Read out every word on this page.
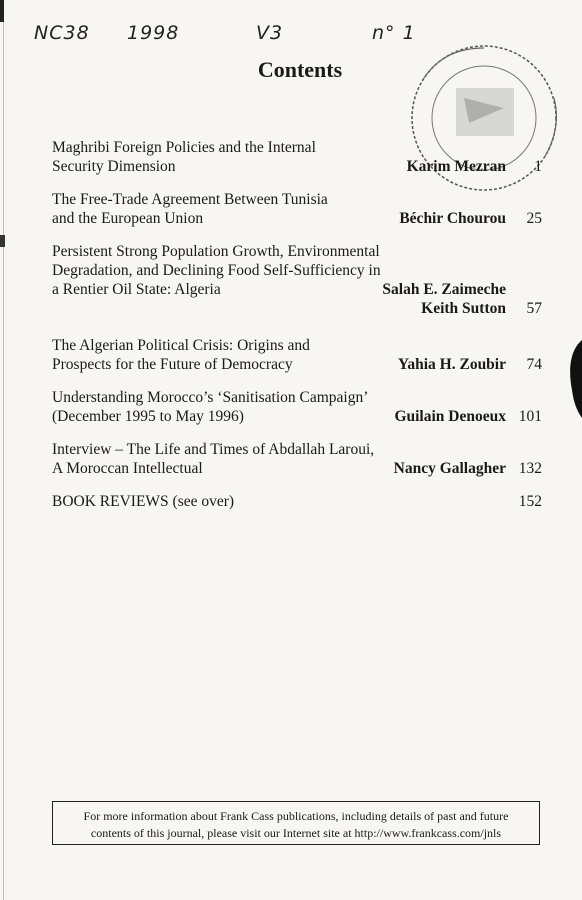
NC38 1998	V3	n° 1
Contents
Maghribi Foreign Policies and the Internal
Security Dimension	Karim Mezran	1
The Free-Trade Agreement Between Tunisia
and the European Union	Béchir Chourou	25
Persistent Strong Population Growth, Environmental
Degradation, and Declining Food Self-Sufficiency in
a Rentier Oil State: Algeria	Salah E. Zaimeche
Keith Sutton	57
The Algerian Political Crisis: Origins and
Prospects for the Future of Democracy	Yahia H. Zoubir	74
Understanding Morocco’s ‘Sanitisation Campaign’
(December 1995 to May 1996)	Guilain Denoeux 101
Interview – The Life and Times of Abdallah Laroui,
A Moroccan Intellectual	Nancy Gallagher 132
BOOK REVIEWS (see over)	152
For more information about Frank Cass publications, including details of past and future
contents of this journal, please visit our Internet site at http://www.frankcass.com/jnls
